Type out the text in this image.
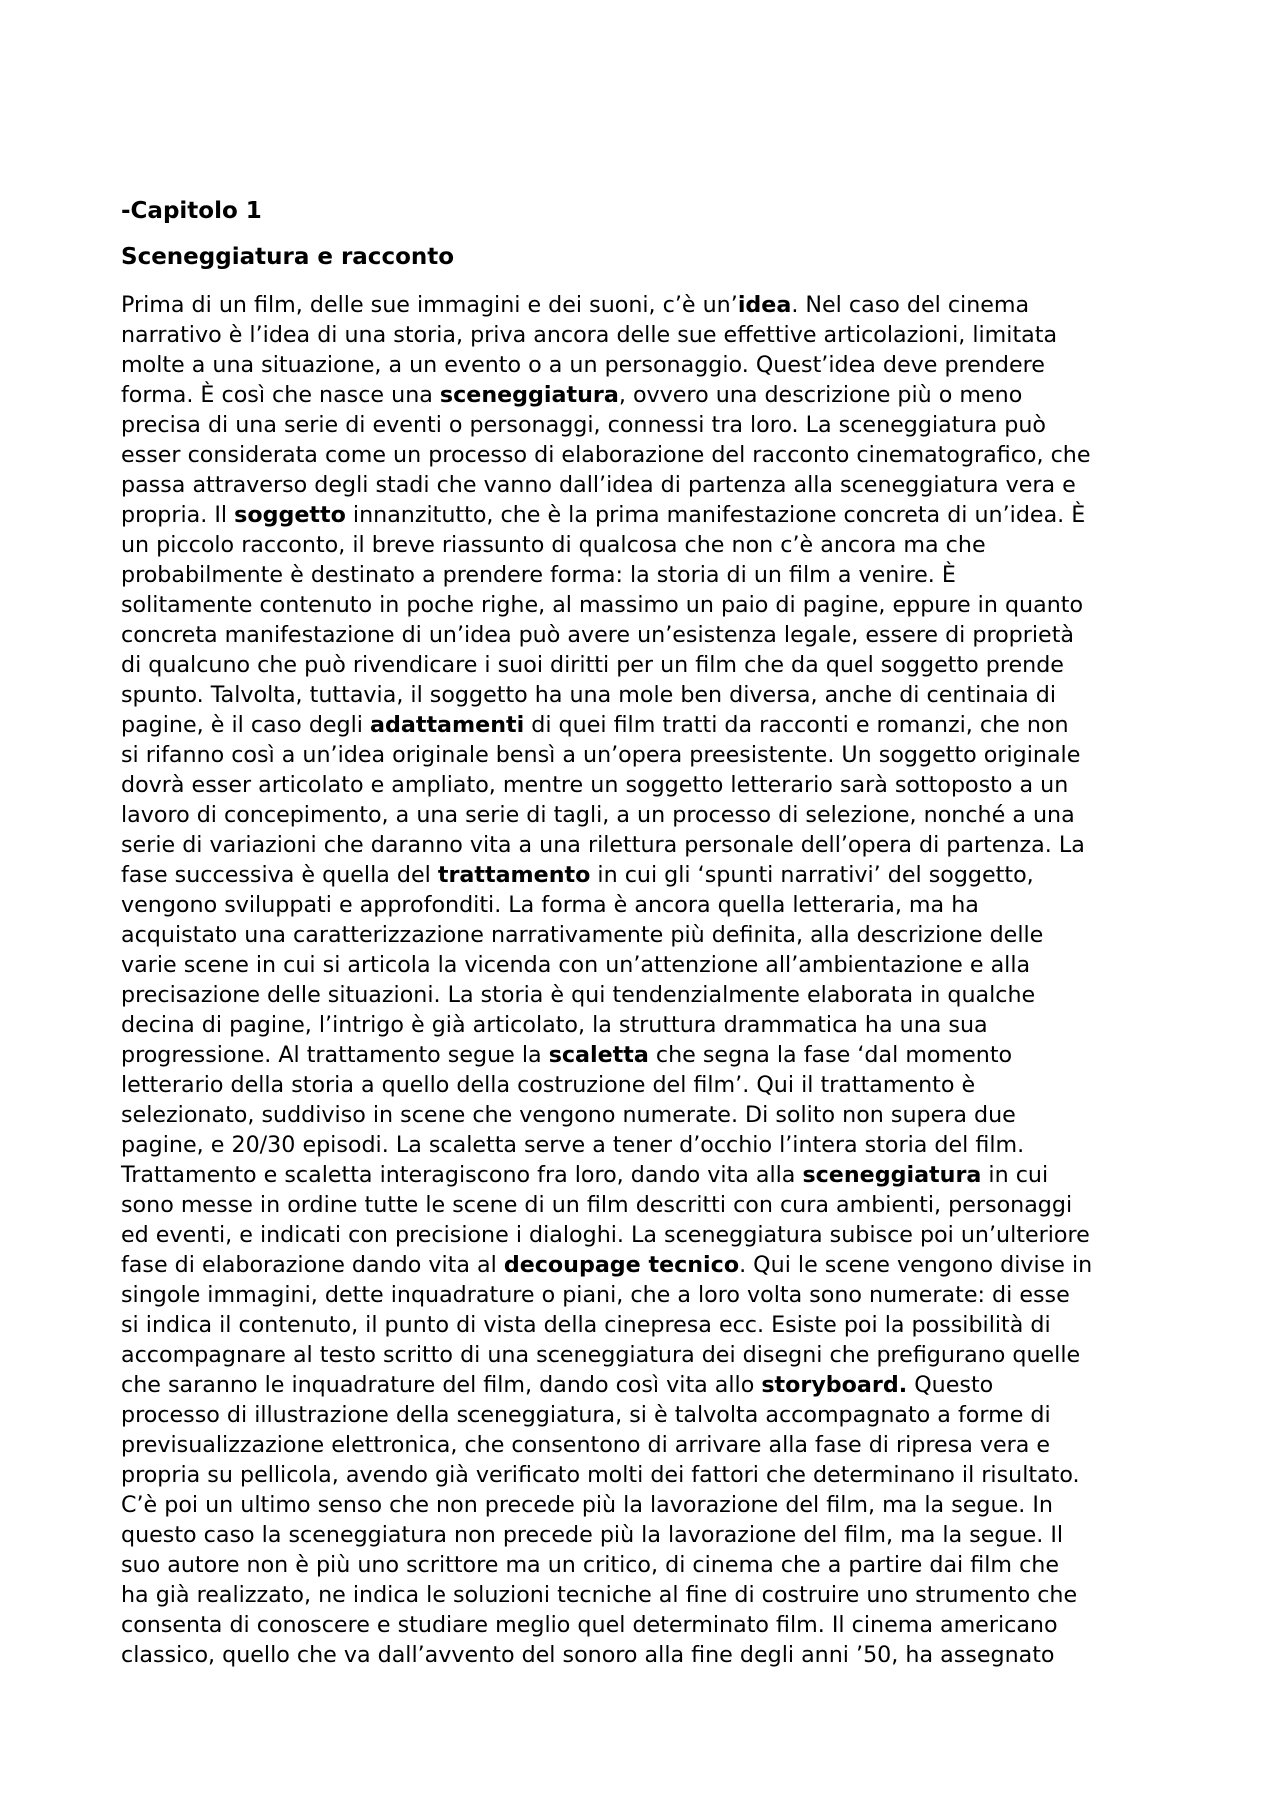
-Capitolo 1
Sceneggiatura e racconto
Prima di un film, delle sue immagini e dei suoni, c’è un’idea. Nel caso del cinema
narrativo è l’idea di una storia, priva ancora delle sue effettive articolazioni, limitata
molte a una situazione, a un evento o a un personaggio. Quest’idea deve prendere
forma. È così che nasce una sceneggiatura, ovvero una descrizione più o meno
precisa di una serie di eventi o personaggi, connessi tra loro. La sceneggiatura può
esser considerata come un processo di elaborazione del racconto cinematografico, che
passa attraverso degli stadi che vanno dall’idea di partenza alla sceneggiatura vera e
propria. Il soggetto innanzitutto, che è la prima manifestazione concreta di un’idea. È
un piccolo racconto, il breve riassunto di qualcosa che non c’è ancora ma che
probabilmente è destinato a prendere forma: la storia di un film a venire. È
solitamente contenuto in poche righe, al massimo un paio di pagine, eppure in quanto
concreta manifestazione di un’idea può avere un’esistenza legale, essere di proprietà
di qualcuno che può rivendicare i suoi diritti per un film che da quel soggetto prende
spunto. Talvolta, tuttavia, il soggetto ha una mole ben diversa, anche di centinaia di
pagine, è il caso degli adattamenti di quei film tratti da racconti e romanzi, che non
si rifanno così a un’idea originale bensì a un’opera preesistente. Un soggetto originale
dovrà esser articolato e ampliato, mentre un soggetto letterario sarà sottoposto a un
lavoro di concepimento, a una serie di tagli, a un processo di selezione, nonché a una
serie di variazioni che daranno vita a una rilettura personale dell’opera di partenza. La
fase successiva è quella del trattamento in cui gli ‘spunti narrativi’ del soggetto,
vengono sviluppati e approfonditi. La forma è ancora quella letteraria, ma ha
acquistato una caratterizzazione narrativamente più definita, alla descrizione delle
varie scene in cui si articola la vicenda con un’attenzione all’ambientazione e alla
precisazione delle situazioni. La storia è qui tendenzialmente elaborata in qualche
decina di pagine, l’intrigo è già articolato, la struttura drammatica ha una sua
progressione. Al trattamento segue la scaletta che segna la fase ‘dal momento
letterario della storia a quello della costruzione del film’. Qui il trattamento è
selezionato, suddiviso in scene che vengono numerate. Di solito non supera due
pagine, e 20/30 episodi. La scaletta serve a tener d’occhio l’intera storia del film.
Trattamento e scaletta interagiscono fra loro, dando vita alla sceneggiatura in cui
sono messe in ordine tutte le scene di un film descritti con cura ambienti, personaggi
ed eventi, e indicati con precisione i dialoghi. La sceneggiatura subisce poi un’ulteriore
fase di elaborazione dando vita al decoupage tecnico. Qui le scene vengono divise in
singole immagini, dette inquadrature o piani, che a loro volta sono numerate: di esse
si indica il contenuto, il punto di vista della cinepresa ecc. Esiste poi la possibilità di
accompagnare al testo scritto di una sceneggiatura dei disegni che prefigurano quelle
che saranno le inquadrature del film, dando così vita allo storyboard. Questo
processo di illustrazione della sceneggiatura, si è talvolta accompagnato a forme di
previsualizzazione elettronica, che consentono di arrivare alla fase di ripresa vera e
propria su pellicola, avendo già verificato molti dei fattori che determinano il risultato.
C’è poi un ultimo senso che non precede più la lavorazione del film, ma la segue. In
questo caso la sceneggiatura non precede più la lavorazione del film, ma la segue. Il
suo autore non è più uno scrittore ma un critico, di cinema che a partire dai film che
ha già realizzato, ne indica le soluzioni tecniche al fine di costruire uno strumento che
consenta di conoscere e studiare meglio quel determinato film. Il cinema americano
classico, quello che va dall’avvento del sonoro alla fine degli anni ’50, ha assegnato
